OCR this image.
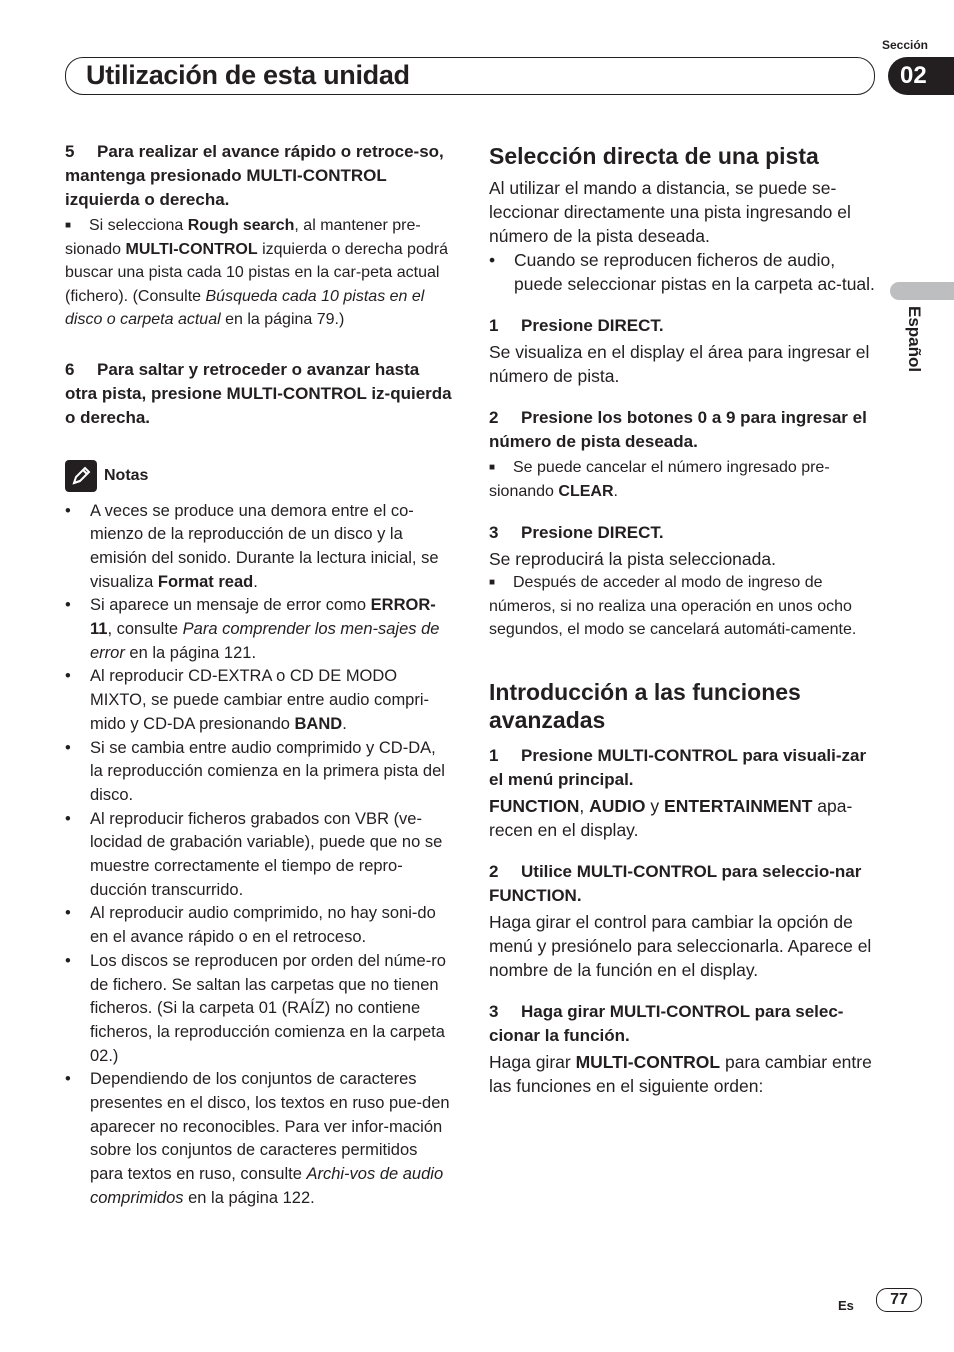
Sección
Utilización de esta unidad	02
Español
5 Para realizar el avance rápido o retroce-so, mantenga presionado MULTI-CONTROL izquierda o derecha.

■ Si selecciona Rough search, al mantener pre-sionado MULTI-CONTROL izquierda o derecha podrá buscar una pista cada 10 pistas en la car-peta actual (fichero). (Consulte Búsqueda cada 10 pistas en el disco o carpeta actual en la página 79.)

6 Para saltar y retroceder o avanzar hasta otra pista, presione MULTI-CONTROL iz-quierda o derecha.
Notas
• A veces se produce una demora entre el co-mienzo de la reproducción de un disco y la emisión del sonido. Durante la lectura inicial, se visualiza Format read.
• Si aparece un mensaje de error como ERROR-11, consulte Para comprender los men-sajes de error en la página 121.
• Al reproducir CD-EXTRA o CD DE MODO MIXTO, se puede cambiar entre audio compri-mido y CD-DA presionando BAND.
• Si se cambia entre audio comprimido y CD-DA, la reproducción comienza en la primera pista del disco.
• Al reproducir ficheros grabados con VBR (ve-locidad de grabación variable), puede que no se muestre correctamente el tiempo de repro-ducción transcurrido.
• Al reproducir audio comprimido, no hay soni-do en el avance rápido o en el retroceso.
• Los discos se reproducen por orden del núme-ro de fichero. Se saltan las carpetas que no tienen ficheros. (Si la carpeta 01 (RAÍZ) no contiene ficheros, la reproducción comienza en la carpeta 02.)
• Dependiendo de los conjuntos de caracteres presentes en el disco, los textos en ruso pue-den aparecer no reconocibles. Para ver infor-mación sobre los conjuntos de caracteres permitidos para textos en ruso, consulte Archi-vos de audio comprimidos en la página 122.
Selección directa de una pista

Al utilizar el mando a distancia, se puede se-leccionar directamente una pista ingresando el número de la pista deseada.

• Cuando se reproducen ficheros de audio, puede seleccionar pistas en la carpeta ac-tual.
1 Presione DIRECT.

Se visualiza en el display el área para ingresar el número de pista.

2 Presione los botones 0 a 9 para ingresar el número de pista deseada.

■ Se puede cancelar el número ingresado pre-sionando CLEAR.

3 Presione DIRECT.

Se reproducirá la pista seleccionada.

■ Después de acceder al modo de ingreso de números, si no realiza una operación en unos ocho segundos, el modo se cancelará automáti-camente.

Introducción a las funciones avanzadas
1 Presione MULTI-CONTROL para visuali-zar el menú principal.

FUNCTION, AUDIO y ENTERTAINMENT apa-recen en el display.

2 Utilice MULTI-CONTROL para seleccio-nar FUNCTION.

Haga girar el control para cambiar la opción de menú y presiónelo para seleccionarla. Aparece el nombre de la función en el display.

3 Haga girar MULTI-CONTROL para selec-cionar la función.

Haga girar MULTI-CONTROL para cambiar entre las funciones en el siguiente orden:

Es	77
